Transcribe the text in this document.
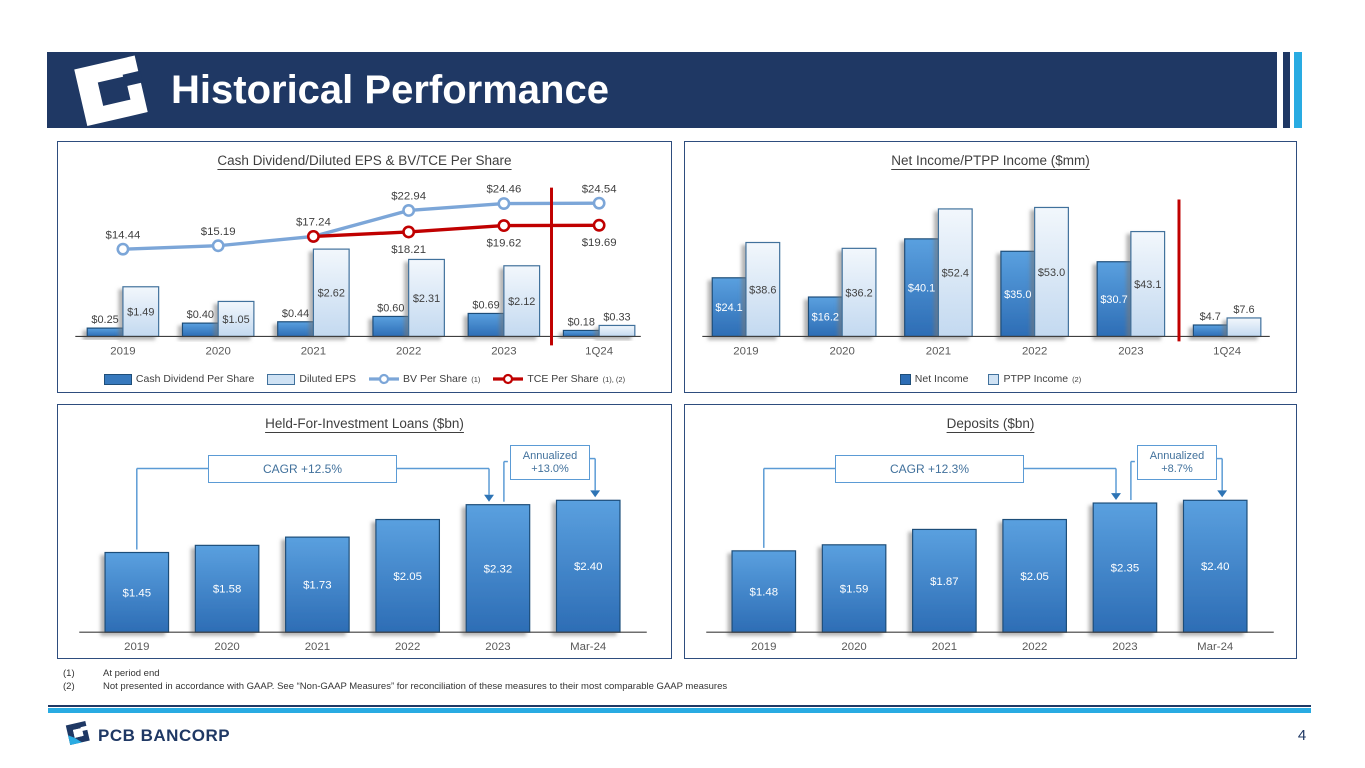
Historical Performance
Cash Dividend/Diluted EPS & BV/TCE Per Share
$0.25	$0.40	$0.44	$0.60	$0.69
$0.18
$1.49
$1.05
$2.62	$2.31	$2.12
$0.33
$14.44	$15.19
$17.24
$22.94
$24.46	$24.54
$18.21
$19.62	$19.69
2019	2020	2021	2022	2023	1Q24
Cash Dividend Per Share	Diluted EPS	BV Per Share (1)	TCE Per Share (1), (2)
Net Income/PTPP Income ($mm)
$24.1
$16.2
$40.1
$35.0	$30.7
$4.7
$38.6	$36.2
$52.4	$53.0
$43.1
$7.6
2019	2020	2021	2022	2023	1Q24
Net Income	PTPP Income (2)
Held-For-Investment Loans ($bn)
$1.45	$1.58	$1.73
$2.05
$2.32	$2.40
2019	2020	2021	2022	2023	Mar-24
CAGR +12.5%
Annualized
+13.0%
Deposits ($bn)
$1.48	$1.59
$1.87	$2.05
$2.35	$2.40
2019	2020	2021	2022	2023	Mar-24
CAGR +12.3%
Annualized
+8.7%
(1)	At period end
(2)	Not presented in accordance with GAAP. See “Non-GAAP Measures” for reconciliation of these measures to their most comparable GAAP measures
PCB BANCORP	4
